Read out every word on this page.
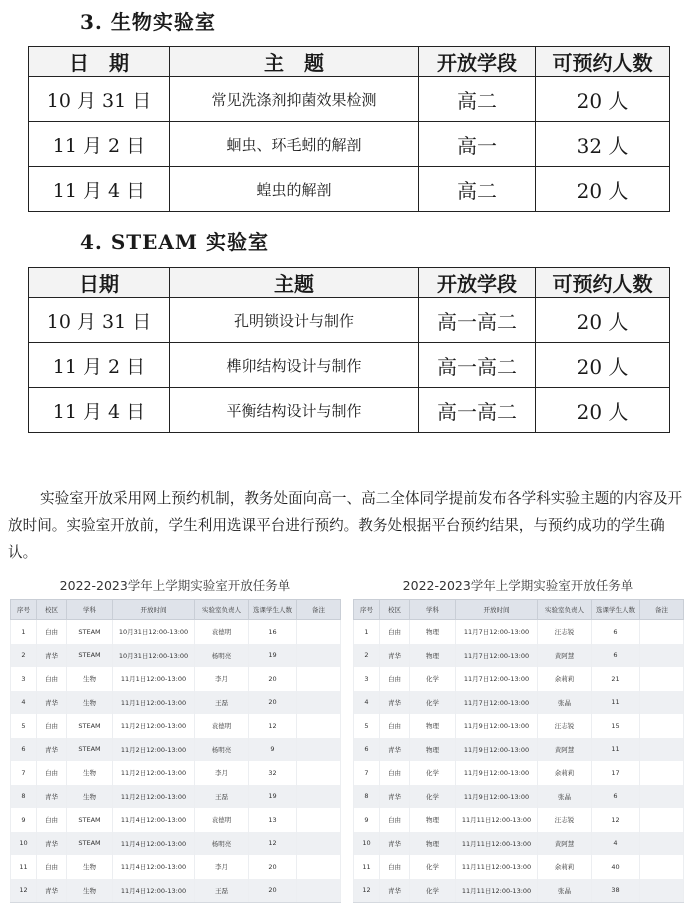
3. 生物实验室
日　期	主　题	开放学段	可预约人数
10 月 31 日	常见洗涤剂抑菌效果检测	高二	20 人
11 月 2 日	蛔虫、环毛蚓的解剖	高一	32 人
11 月 4 日	蝗虫的解剖	高二	20 人
4. STEAM 实验室
日期	主题	开放学段	可预约人数
10 月 31 日	孔明锁设计与制作	高一高二	20 人
11 月 2 日	榫卯结构设计与制作	高一高二	20 人
11 月 4 日	平衡结构设计与制作	高一高二	20 人

实验室开放采用网上预约机制，教务处面向高一、高二全体同学提前发布各学科实验主题的内容及开放时间。实验室开放前，学生利用选课平台进行预约。教务处根据平台预约结果，与预约成功的学生确认。

2022-2023学年上学期实验室开放任务单
序号	校区	学科	开放时间	实验室负责人	选课学生人数	备注
1	白由	STEAM	10月31日12:00-13:00	袁德明	16	
2	青华	STEAM	10月31日12:00-13:00	杨明亮	19	
3	白由	生物	11月1日12:00-13:00	李月	20	
4	青华	生物	11月1日12:00-13:00	王磊	20	
5	白由	STEAM	11月2日12:00-13:00	袁德明	12	
6	青华	STEAM	11月2日12:00-13:00	杨明亮	9	
7	白由	生物	11月2日12:00-13:00	李月	32	
8	青华	生物	11月2日12:00-13:00	王磊	19	
9	白由	STEAM	11月4日12:00-13:00	袁德明	13	
10	青华	STEAM	11月4日12:00-13:00	杨明亮	12	
11	白由	生物	11月4日12:00-13:00	李月	20	
12	青华	生物	11月4日12:00-13:00	王磊	20	
2022-2023学年上学期实验室开放任务单
序号	校区	学科	开放时间	实验室负责人	选课学生人数	备注
1	白由	物理	11月7日12:00-13:00	汪志锐	6	
2	青华	物理	11月7日12:00-13:00	黄阿慧	6	
3	白由	化学	11月7日12:00-13:00	余莉莉	21	
4	青华	化学	11月7日12:00-13:00	张晶	11	
5	白由	物理	11月9日12:00-13:00	汪志锐	15	
6	青华	物理	11月9日12:00-13:00	黄阿慧	11	
7	白由	化学	11月9日12:00-13:00	余莉莉	17	
8	青华	化学	11月9日12:00-13:00	张晶	6	
9	白由	物理	11月11日12:00-13:00	汪志锐	12	
10	青华	物理	11月11日12:00-13:00	黄阿慧	4	
11	白由	化学	11月11日12:00-13:00	余莉莉	40	
12	青华	化学	11月11日12:00-13:00	张晶	38	
